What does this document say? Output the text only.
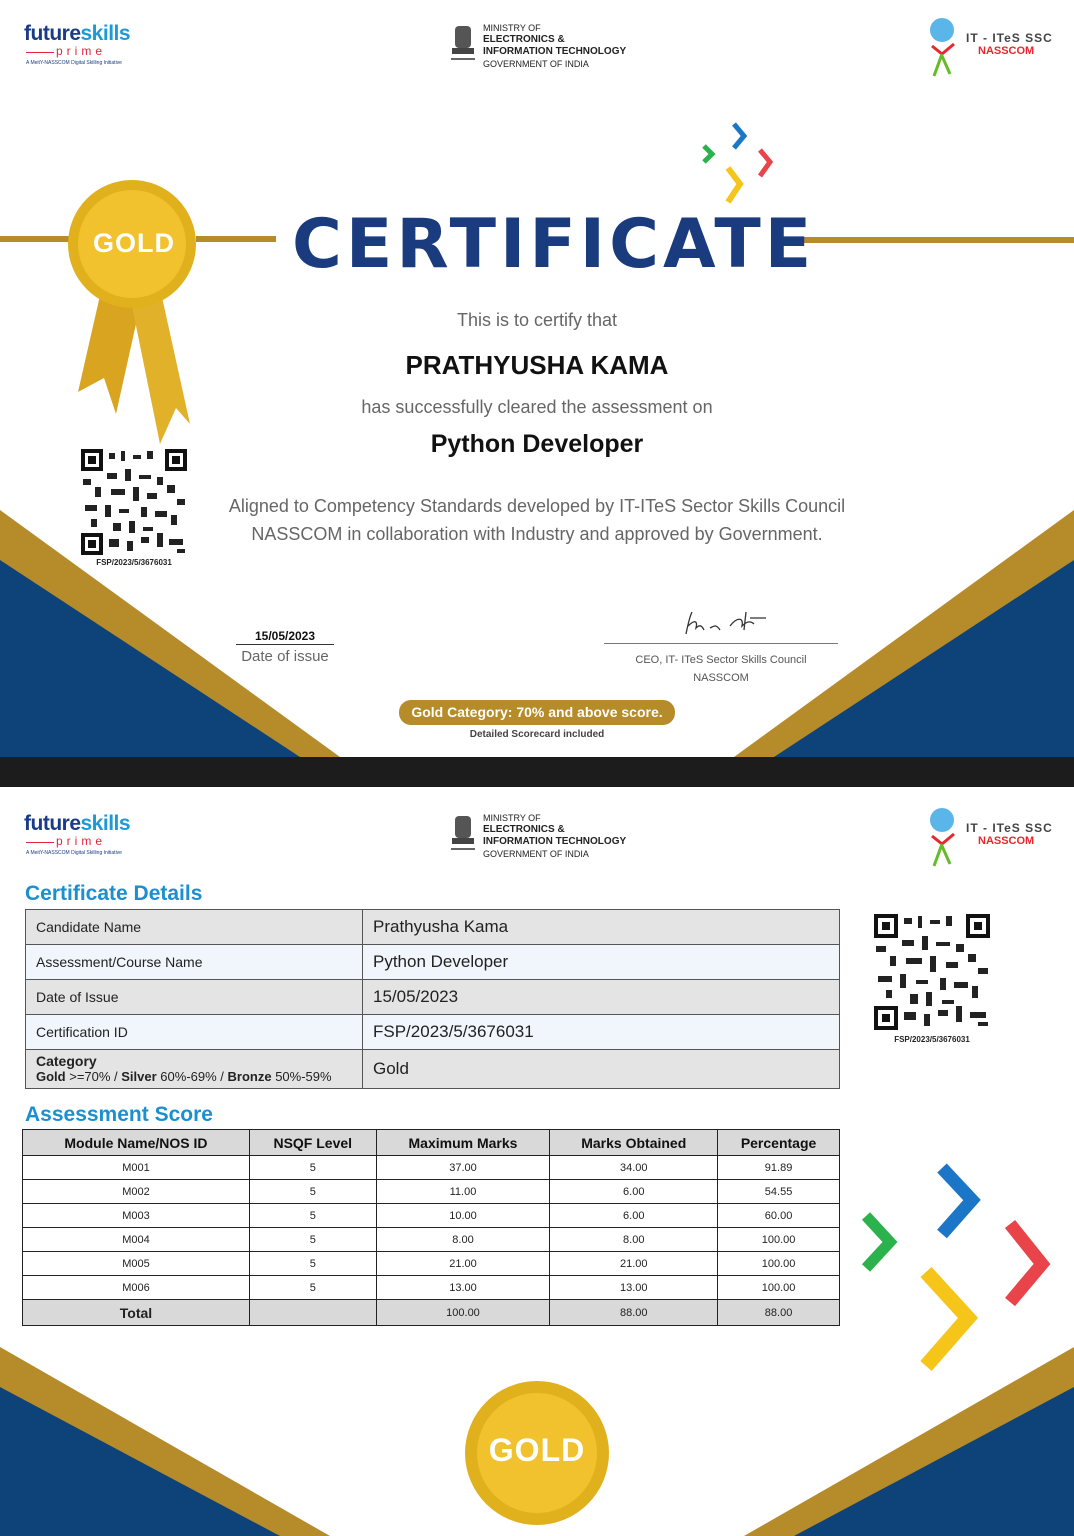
futureskills
prime
A MeitY-NASSCOM Digital Skilling Initiative
MINISTRY OF
ELECTRONICS &
INFORMATION TECHNOLOGY
GOVERNMENT OF INDIA
IT - ITeS SSC
NASSCOM
GOLD CERTIFICATE
This is to certify that
PRATHYUSHA KAMA
has successfully cleared the assessment on
Python Developer
Aligned to Competency Standards developed by IT-ITeS Sector Skills Council
NASSCOM in collaboration with Industry and approved by Government.
FSP/2023/5/3676031
15/05/2023
Date of issue	CEO, IT- ITeS Sector Skills Council
NASSCOM
Gold Category: 70% and above score.
Detailed Scorecard included
futureskills
prime
A MeitY-NASSCOM Digital Skilling Initiative
MINISTRY OF
ELECTRONICS &
INFORMATION TECHNOLOGY
GOVERNMENT OF INDIA
IT - ITeS SSC
NASSCOM
Certificate Details
Candidate Name	Prathyusha Kama
Assessment/Course Name	Python Developer
Date of Issue	15/05/2023
Certification ID	FSP/2023/5/3676031

Category
Gold >=70% / Silver 60%-69% / Bronze 50%-59%	Gold
FSP/2023/5/3676031
Assessment Score
Module Name/NOS ID	NSQF Level	Maximum Marks	Marks Obtained	Percentage
M001	5	37.00	34.00	91.89
M002	5	11.00	6.00	54.55
M003	5	10.00	6.00	60.00
M004	5	8.00	8.00	100.00
M005	5	21.00	21.00	100.00
M006	5	13.00	13.00	100.00
Total		100.00	88.00	88.00
GOLD
